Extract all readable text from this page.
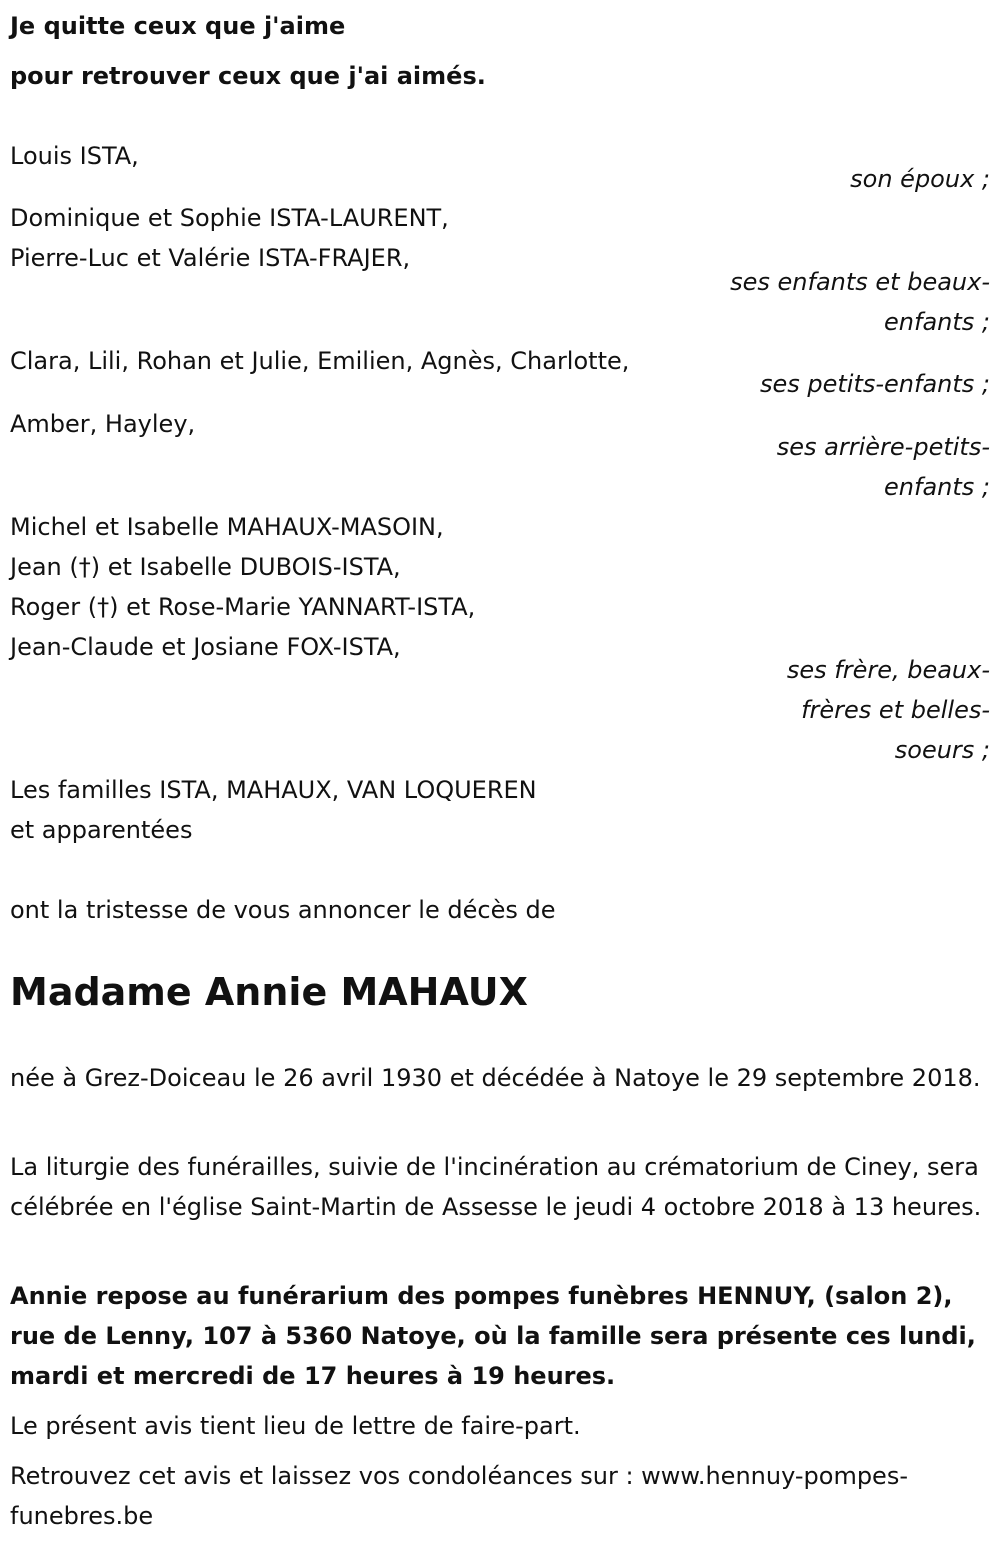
Je quitte ceux que j'aime
pour retrouver ceux que j'ai aimés.
Louis ISTA,
son époux ;
Dominique et Sophie ISTA-LAURENT,
Pierre-Luc et Valérie ISTA-FRAJER,
ses enfants et beaux-enfants ;
Clara, Lili, Rohan et Julie, Emilien, Agnès, Charlotte,
ses petits-enfants ;
Amber, Hayley,
ses arrière-petits-enfants ;
Michel et Isabelle MAHAUX-MASOIN,
Jean (†) et Isabelle DUBOIS-ISTA,
Roger (†) et Rose-Marie YANNART-ISTA,
Jean-Claude et Josiane FOX-ISTA,
ses frère, beaux-frères et belles-soeurs ;
Les familles ISTA, MAHAUX, VAN LOQUEREN
et apparentées
ont la tristesse de vous annoncer le décès de
Madame Annie MAHAUX
née à Grez-Doiceau le 26 avril 1930 et décédée à Natoye le 29 septembre 2018.
La liturgie des funérailles, suivie de l'incinération au crématorium de Ciney, sera célébrée en l'église Saint-Martin de Assesse le jeudi 4 octobre 2018 à 13 heures.
Annie repose au funérarium des pompes funèbres HENNUY, (salon 2), rue de Lenny, 107 à 5360 Natoye, où la famille sera présente ces lundi, mardi et mercredi de 17 heures à 19 heures.
Le présent avis tient lieu de lettre de faire-part.
Retrouvez cet avis et laissez vos condoléances sur : www.hennuy-pompes-funebres.be
